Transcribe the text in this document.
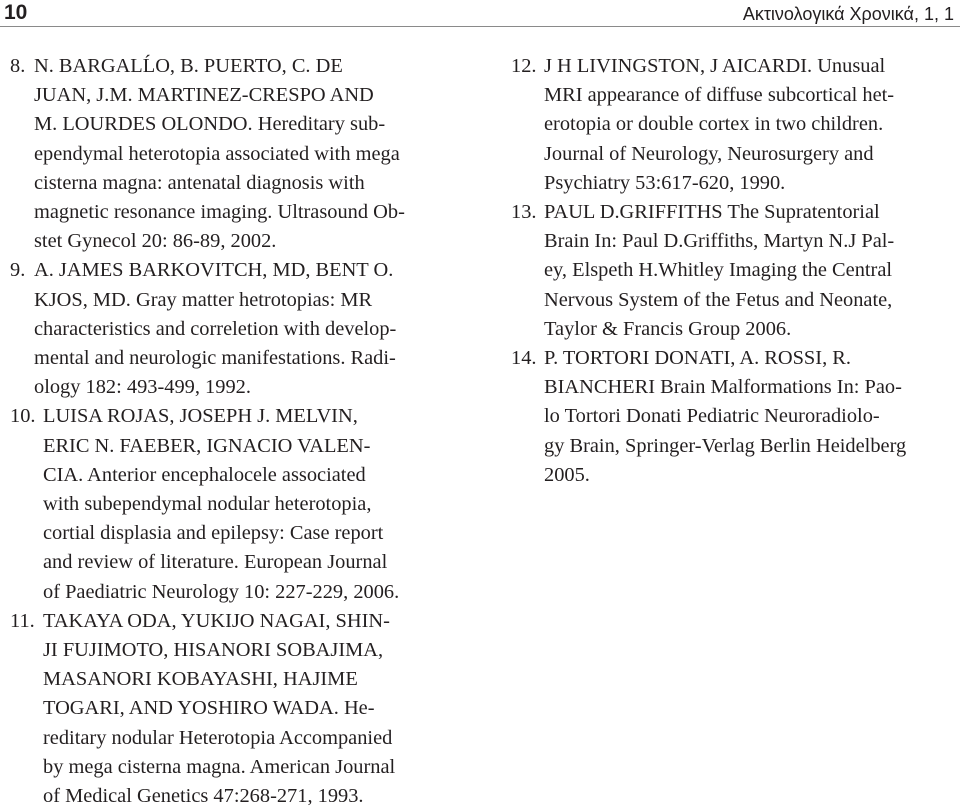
10	Ακτινολογικά Χρονικά, 1, 1
8. N. BARGALĹO, B. PUERTO, C. DE
JUAN, J.M. MARTINEZ-CRESPO AND
M. LOURDES OLONDO. Hereditary sub-
ependymal heterotopia associated with mega
cisterna magna: antenatal diagnosis with
magnetic resonance imaging. Ultrasound Ob-
stet Gynecol 20: 86-89, 2002.
9. A. JAMES BARKOVITCH, MD, BENT O.
KJOS, MD. Gray matter hetrotopias: MR
characteristics and correletion with develop-
mental and neurologic manifestations. Radi-
ology 182: 493-499, 1992.
10. LUISA ROJAS, JOSEPH J. MELVIN,
ERIC N. FAEBER, IGNACIO VALEN-
CIA. Anterior encephalocele associated
with subependymal nodular heterotopia,
cortial displasia and epilepsy: Case report
and review of literature. European Journal
of Paediatric Neurology 10: 227-229, 2006.
11. TAKAYA ODA, YUKIJO NAGAI, SHIN-
JI FUJIMOTO, HISANORI SOBAJIMA,
MASANORI KOBAYASHI, HAJIME
TOGARI, AND YOSHIRO WADA. He-
reditary nodular Heterotopia Accompanied
by mega cisterna magna. American Journal
of Medical Genetics 47:268-271, 1993.
12. J H LIVINGSTON, J AICARDI. Unusual
MRI appearance of diffuse subcortical het-
erotopia or double cortex in two children.
Journal of Neurology, Neurosurgery and
Psychiatry 53:617-620, 1990.
13. PAUL D.GRIFFITHS The Supratentorial
Brain In: Paul D.Griffiths, Martyn N.J Pal-
ey, Elspeth H.Whitley Imaging the Central
Nervous System of the Fetus and Neonate,
Taylor & Francis Group 2006.
14. P. TORTORI DONATI, A. ROSSI, R.
BIANCHERI Brain Malformations In: Pao-
lo Tortori Donati Pediatric Neuroradiolo-
gy Brain, Springer-Verlag Berlin Heidelberg
2005.
